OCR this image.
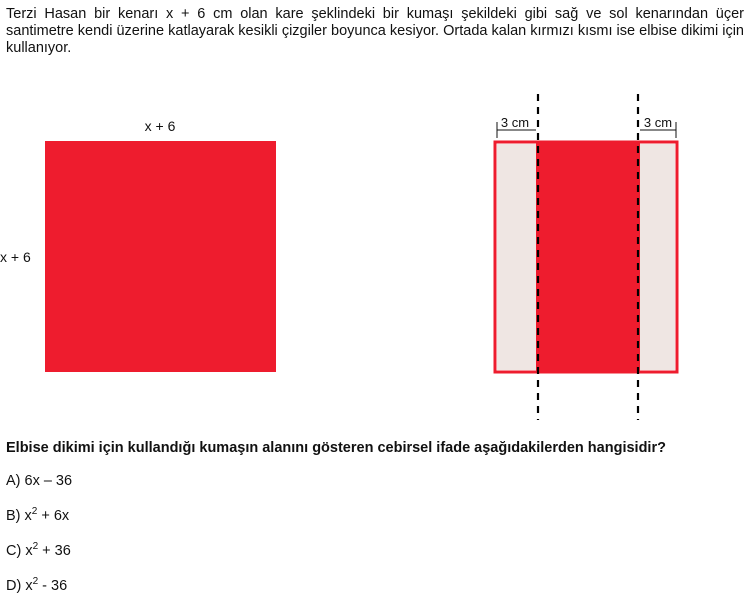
Terzi Hasan bir kenarı x + 6 cm olan kare şeklindeki bir kumaşı şekildeki gibi sağ ve sol kenarından üçer santimetre kendi üzerine katlayarak kesikli çizgiler boyunca kesiyor. Ortada kalan kırmızı kısmı ise elbise dikimi için kullanıyor.

x + 6
x + 6
3 cm	3 cm

Elbise dikimi için kullandığı kumaşın alanını gösteren cebirsel ifade aşağıdakilerden hangisidir?

A) 6x – 36
B) $x^2 + 6x$
C) $x^2 + 36$
D) $x^2 - 36$
